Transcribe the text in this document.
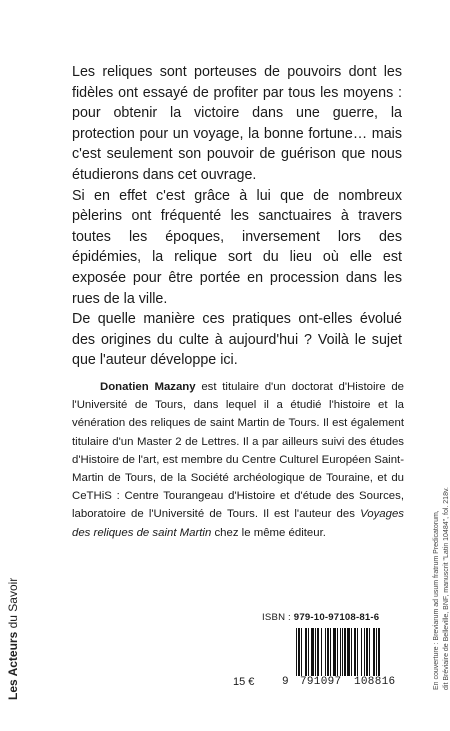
Les reliques sont porteuses de pouvoirs dont les fidèles ont essayé de profiter par tous les moyens : pour obtenir la victoire dans une guerre, la protection pour un voyage, la bonne fortune… mais c'est seulement son pouvoir de guérison que nous étudierons dans cet ouvrage.

Si en effet c'est grâce à lui que de nombreux pèlerins ont fréquenté les sanctuaires à travers toutes les époques, inversement lors des épidémies, la relique sort du lieu où elle est exposée pour être portée en procession dans les rues de la ville.

De quelle manière ces pratiques ont-elles évolué des origines du culte à aujourd'hui ? Voilà le sujet que l'auteur développe ici.

Donatien Mazany est titulaire d'un doctorat d'Histoire de l'Université de Tours, dans lequel il a étudié l'histoire et la vénération des reliques de saint Martin de Tours. Il est également titulaire d'un Master 2 de Lettres. Il a par ailleurs suivi des études d'Histoire de l'art, est membre du Centre Culturel Européen Saint-Martin de Tours, de la Société archéologique de Touraine, et du CeTHiS : Centre Tourangeau d'Histoire et d'étude des Sources, laboratoire de l'Université de Tours. Il est l'auteur des Voyages des reliques de saint Martin chez le même éditeur.

ISBN : 979-10-97108-81-6
15 €	9 791097 108816
Les Acteurs du Savoir	En couverture : Breviarum ad usum fratrum Predicatorum, dit Bréviaire de Belleville, BNF, manuscrit "Latin 10484", fol. 218v.
